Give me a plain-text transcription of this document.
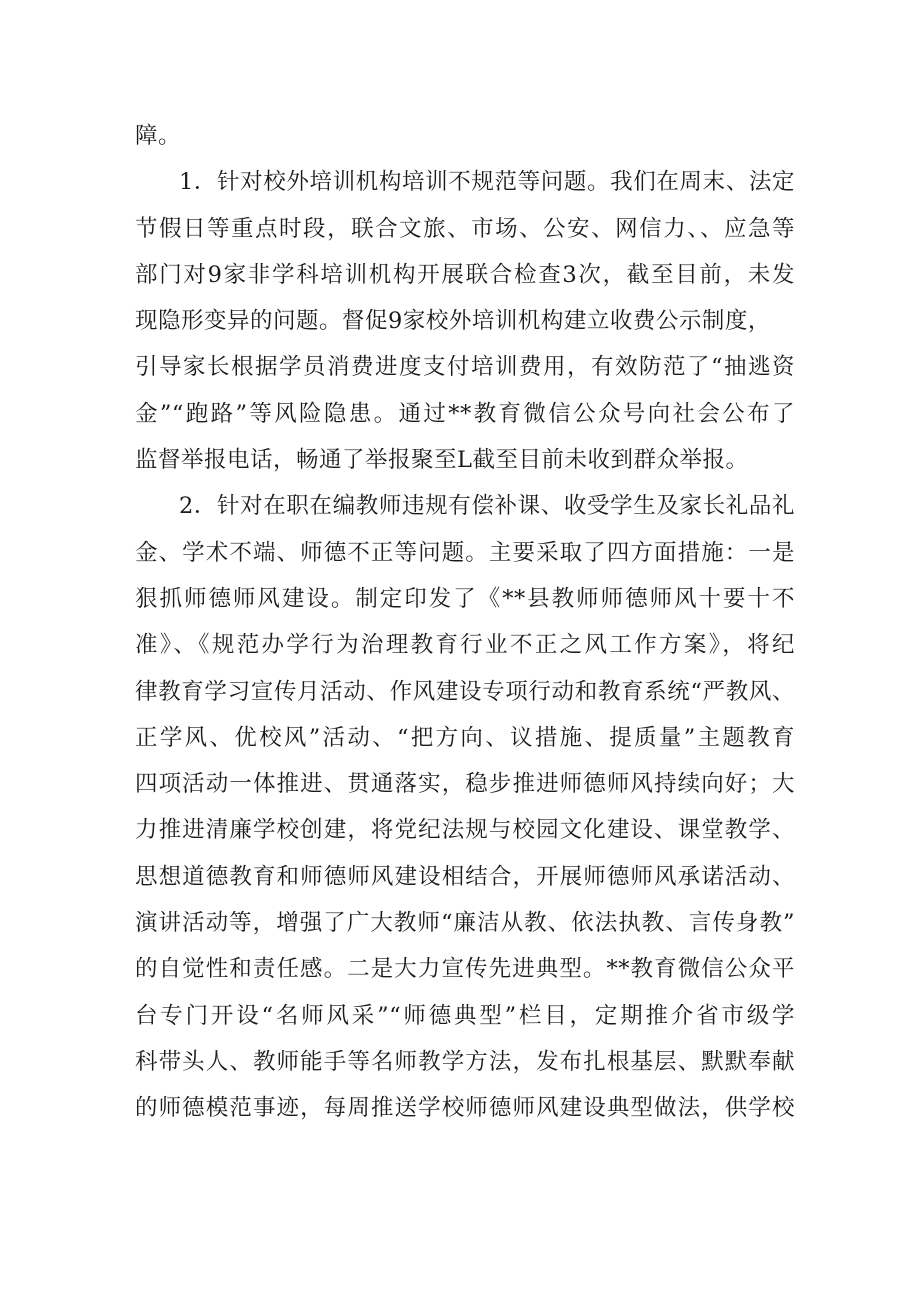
障。
1．针对校外培训机构培训不规范等问题。我们在周末、法定
节假日等重点时段，联合文旅、市场、公安、网信力、、应急等
部门对9家非学科培训机构开展联合检查3次，截至目前，未发
现隐形变异的问题。督促9家校外培训机构建立收费公示制度，
引导家长根据学员消费进度支付培训费用，有效防范了“抽逃资
金”“跑路”等风险隐患。通过**教育微信公众号向社会公布了
监督举报电话，畅通了举报聚至L截至目前未收到群众举报。
2．针对在职在编教师违规有偿补课、收受学生及家长礼品礼
金、学术不端、师德不正等问题。主要采取了四方面措施：一是
狠抓师德师风建设。制定印发了《**县教师师德师风十要十不
准》、《规范办学行为治理教育行业不正之风工作方案》，将纪
律教育学习宣传月活动、作风建设专项行动和教育系统“严教风、
正学风、优校风”活动、“把方向、议措施、提质量”主题教育
四项活动一体推进、贯通落实，稳步推进师德师风持续向好；大
力推进清廉学校创建，将党纪法规与校园文化建设、课堂教学、
思想道德教育和师德师风建设相结合，开展师德师风承诺活动、
演讲活动等，增强了广大教师“廉洁从教、依法执教、言传身教”
的自觉性和责任感。二是大力宣传先进典型。**教育微信公众平
台专门开设“名师风采”“师德典型”栏目，定期推介省市级学
科带头人、教师能手等名师教学方法，发布扎根基层、默默奉献
的师德模范事迹，每周推送学校师德师风建设典型做法，供学校
